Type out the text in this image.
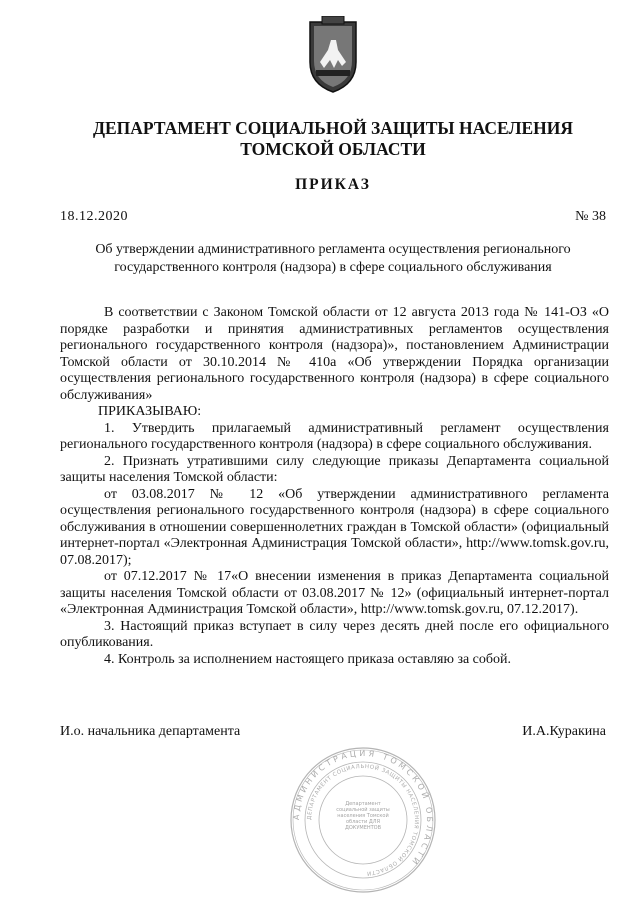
ДЕПАРТАМЕНТ СОЦИАЛЬНОЙ ЗАЩИТЫ НАСЕЛЕНИЯ
ТОМСКОЙ ОБЛАСТИ
ПРИКАЗ
18.12.2020	№ 38
Об утверждении административного регламента осуществления регионального
государственного контроля (надзора) в сфере социального обслуживания

В соответствии с Законом Томской области от 12 августа 2013 года № 141-ОЗ «О порядке разработки и принятия административных регламентов осуществления регионального государственного контроля (надзора)», постановлением Администрации Томской области от 30.10.2014 № 410а «Об утверждении Порядка организации осуществления регионального государственного контроля (надзора) в сфере социального обслуживания»

ПРИКАЗЫВАЮ:

1. Утвердить прилагаемый административный регламент осуществления регионального государственного контроля (надзора) в сфере социального обслуживания.

2. Признать утратившими силу следующие приказы Департамента социальной защиты населения Томской области:

от 03.08.2017 № 12 «Об утверждении административного регламента осуществления регионального государственного контроля (надзора) в сфере социального обслуживания в отношении совершеннолетних граждан в Томской области» (официальный интернет-портал «Электронная Администрация Томской области», http://www.tomsk.gov.ru, 07.08.2017);

от 07.12.2017 № 17«О внесении изменения в приказ Департамента социальной защиты населения Томской области от 03.08.2017 № 12» (официальный интернет-портал «Электронная Администрация Томской области», http://www.tomsk.gov.ru, 07.12.2017).

3. Настоящий приказ вступает в силу через десять дней после его официального опубликования.

4. Контроль за исполнением настоящего приказа оставляю за собой.

И.о. начальника департамента	И.А.Куракина
АДМИНИСТРАЦИЯ ТОМСКОЙ ОБЛАСТИ
ДЕПАРТАМЕНТ СОЦИАЛЬНОЙ ЗАЩИТЫ НАСЕЛЕНИЯ ТОМСКОЙ ОБЛАСТИ
Департамент социальной защиты населения Томской области ДЛЯ ДОКУМЕНТОВ
